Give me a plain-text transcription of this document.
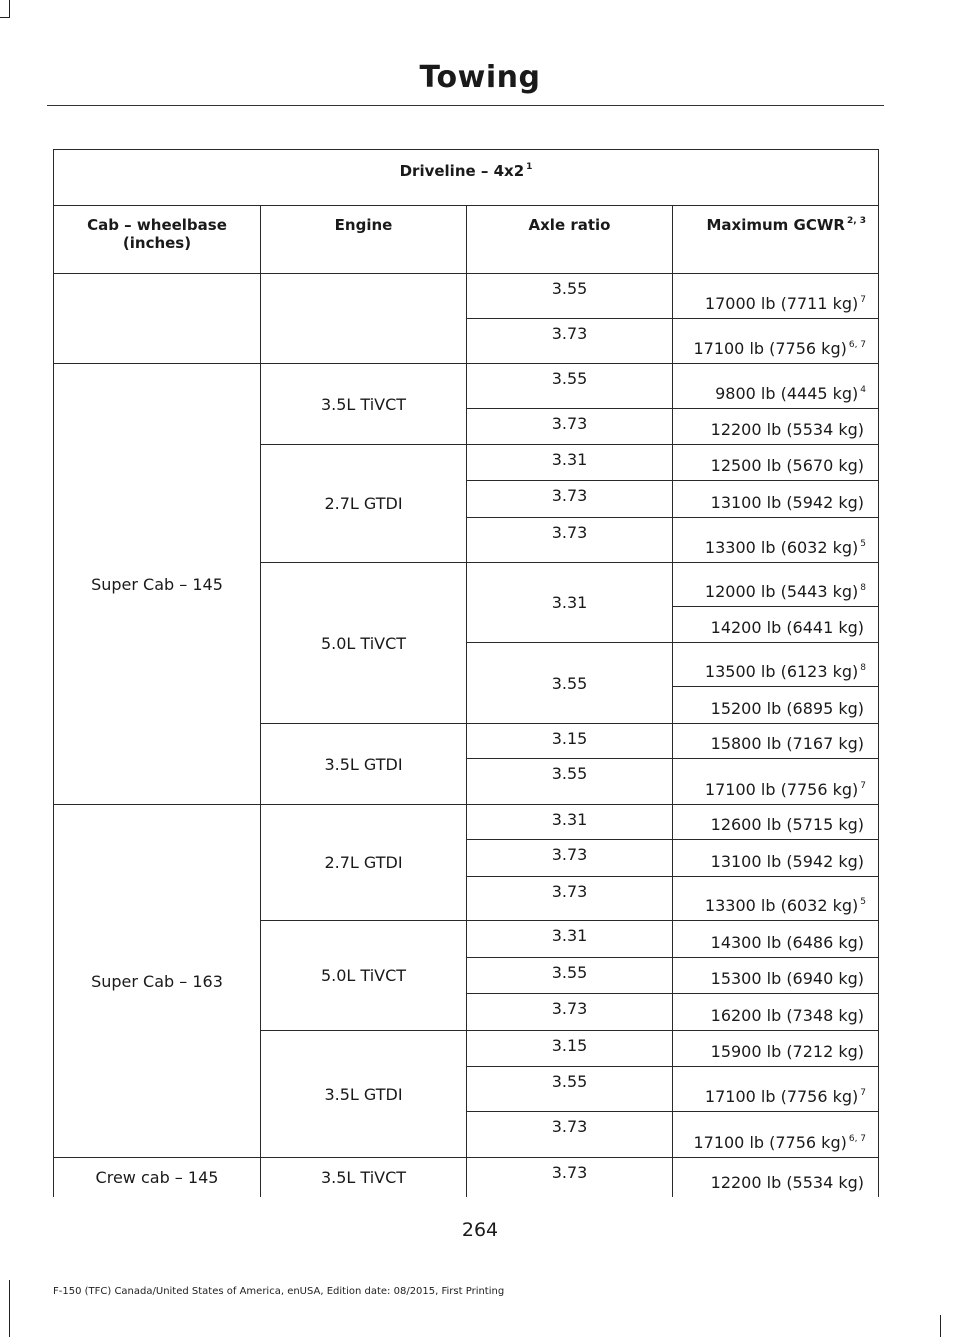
Towing
Driveline – 4x2 $^1$
Cab – wheelbase (inches)	Engine	Axle ratio	Maximum GCWR $^{2, 3}$
		3.55	17000 lb (7711 kg) $^7$
		3.73	17100 lb (7756 kg) $^{6, 7}$
Super Cab – 145	3.5L TiVCT	3.55	9800 lb (4445 kg) $^4$
		3.73	12200 lb (5534 kg)
	2.7L GTDI	3.31	12500 lb (5670 kg)
		3.73	13100 lb (5942 kg)
		3.73	13300 lb (6032 kg) $^5$
	5.0L TiVCT	3.31	12000 lb (5443 kg) $^8$
			14200 lb (6441 kg)
		3.55	13500 lb (6123 kg) $^8$
			15200 lb (6895 kg)
	3.5L GTDI	3.15	15800 lb (7167 kg)
		3.55	17100 lb (7756 kg) $^7$
Super Cab – 163	2.7L GTDI	3.31	12600 lb (5715 kg)
		3.73	13100 lb (5942 kg)
		3.73	13300 lb (6032 kg) $^5$
	5.0L TiVCT	3.31	14300 lb (6486 kg)
		3.55	15300 lb (6940 kg)
		3.73	16200 lb (7348 kg)
	3.5L GTDI	3.15	15900 lb (7212 kg)
		3.55	17100 lb (7756 kg) $^7$
		3.73	17100 lb (7756 kg) $^{6, 7}$
Crew cab – 145	3.5L TiVCT	3.73	12200 lb (5534 kg)
264
F-150 (TFC) Canada/United States of America, enUSA, Edition date: 08/2015, First Printing
